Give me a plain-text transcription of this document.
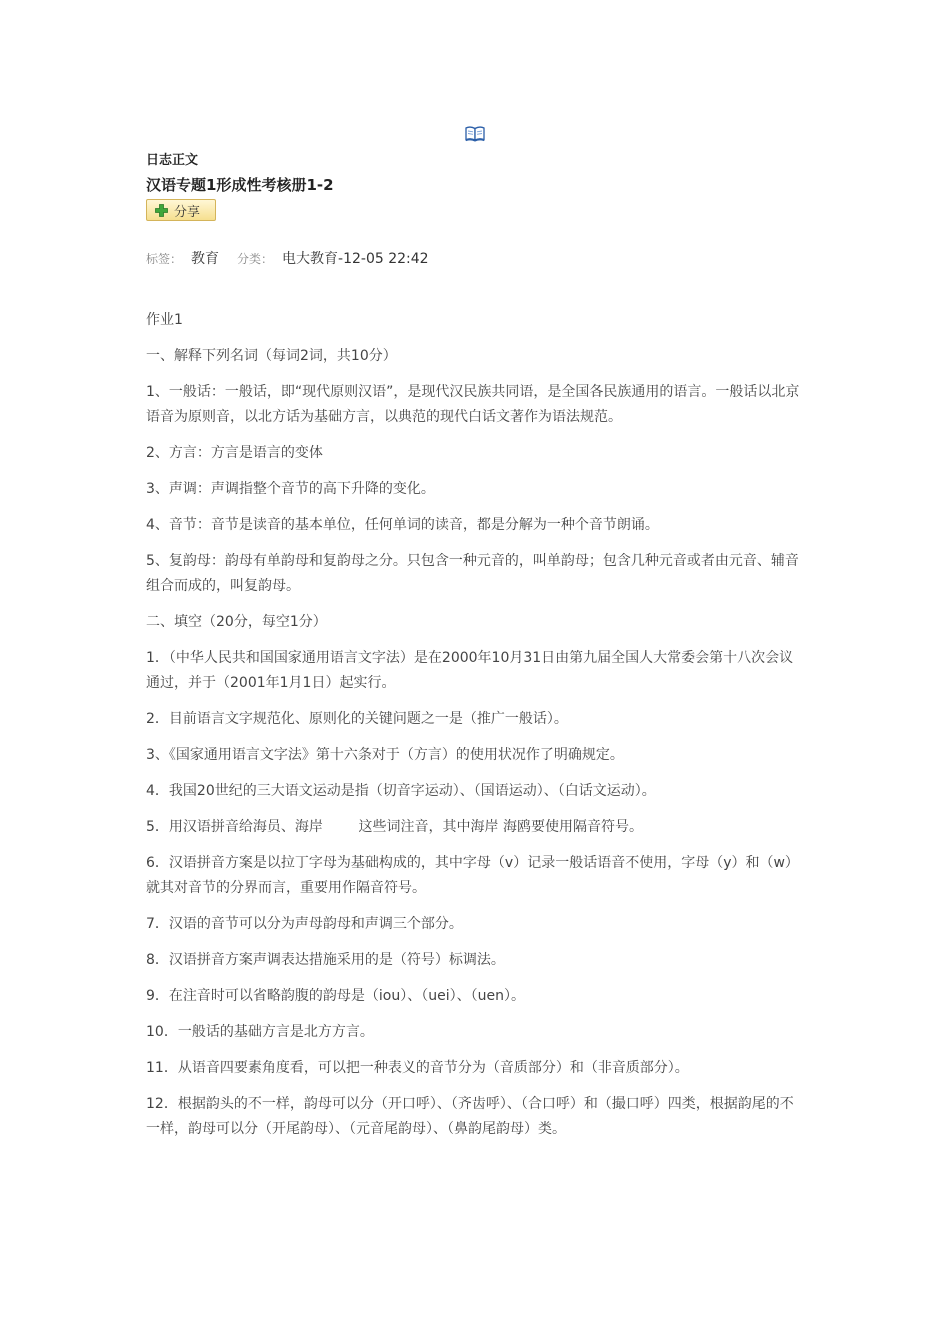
日志正文

汉语专题1形成性考核册1-2

分享
标签： 教育 分类： 电大教育-12-05 22:42

作业1

一、解释下列名词（每词2词，共10分）

1、一般话：一般话，即“现代原则汉语”，是现代汉民族共同语，是全国各民族通用的语言。一般话以北京语音为原则音，以北方话为基础方言，以典范的现代白话文著作为语法规范。

2、方言：方言是语言的变体

3、声调：声调指整个音节的高下升降的变化。

4、音节：音节是读音的基本单位，任何单词的读音，都是分解为一种个音节朗诵。

5、复韵母：韵母有单韵母和复韵母之分。只包含一种元音的，叫单韵母；包含几种元音或者由元音、辅音组合而成的，叫复韵母。

二、填空（20分，每空1分）

1．（中华人民共和国国家通用语言文字法）是在2000年10月31日由第九届全国人大常委会第十八次会议通过，并于（2001年1月1日）起实行。

2．目前语言文字规范化、原则化的关键问题之一是（推广一般话）。

3、《国家通用语言文字法》第十六条对于（方言）的使用状况作了明确规定。

4．我国20世纪的三大语文运动是指（切音字运动）、（国语运动）、（白话文运动）。

5．用汉语拼音给海员、海岸        这些词注音，其中海岸 海鸥要使用隔音符号。

6．汉语拼音方案是以拉丁字母为基础构成的，其中字母（v）记录一般话语音不使用，字母（y）和（w）就其对音节的分界而言，重要用作隔音符号。

7．汉语的音节可以分为声母韵母和声调三个部分。

8．汉语拼音方案声调表达措施采用的是（符号）标调法。

9．在注音时可以省略韵腹的韵母是（iou）、（uei）、（uen）。

10．一般话的基础方言是北方方言。

11．从语音四要素角度看，可以把一种表义的音节分为（音质部分）和（非音质部分）。

12．根据韵头的不一样，韵母可以分（开口呼）、（齐齿呼）、（合口呼）和（撮口呼）四类，根据韵尾的不一样，韵母可以分（开尾韵母）、（元音尾韵母）、（鼻韵尾韵母）类。
